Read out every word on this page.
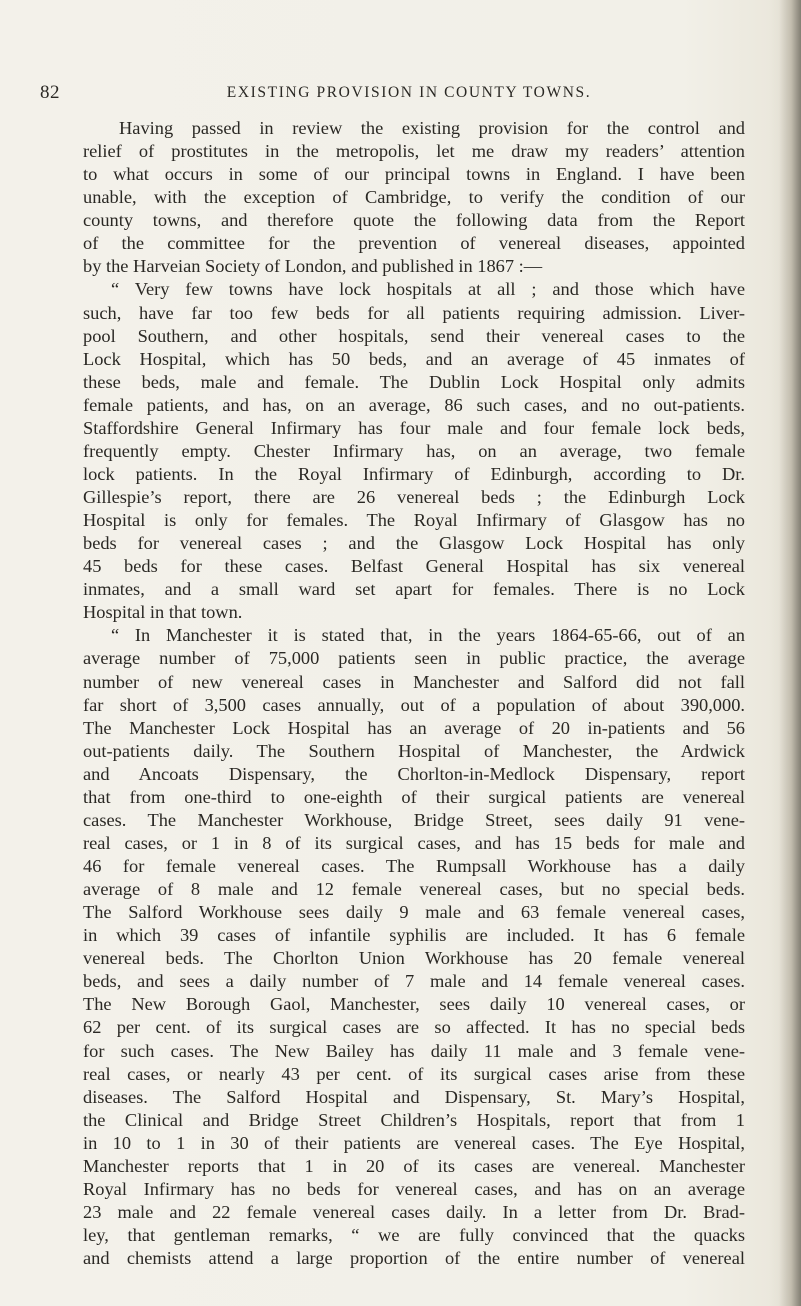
82	EXISTING PROVISION IN COUNTY TOWNS.
Having passed in review the existing provision for the control and
relief of prostitutes in the metropolis, let me draw my readers’ attention
to what occurs in some of our principal towns in England. I have been
unable, with the exception of Cambridge, to verify the condition of our
county towns, and therefore quote the following data from the Report
of the committee for the prevention of venereal diseases, appointed
by the Harveian Society of London, and published in 1867 :—
“ Very few towns have lock hospitals at all ; and those which have
such, have far too few beds for all patients requiring admission. Liver-
pool Southern, and other hospitals, send their venereal cases to the
Lock Hospital, which has 50 beds, and an average of 45 inmates of
these beds, male and female. The Dublin Lock Hospital only admits
female patients, and has, on an average, 86 such cases, and no out-patients.
Staffordshire General Infirmary has four male and four female lock beds,
frequently empty. Chester Infirmary has, on an average, two female
lock patients. In the Royal Infirmary of Edinburgh, according to Dr.
Gillespie’s report, there are 26 venereal beds ; the Edinburgh Lock
Hospital is only for females. The Royal Infirmary of Glasgow has no
beds for venereal cases ; and the Glasgow Lock Hospital has only
45 beds for these cases. Belfast General Hospital has six venereal
inmates, and a small ward set apart for females. There is no Lock
Hospital in that town.
“ In Manchester it is stated that, in the years 1864-65-66, out of an
average number of 75,000 patients seen in public practice, the average
number of new venereal cases in Manchester and Salford did not fall
far short of 3,500 cases annually, out of a population of about 390,000.
The Manchester Lock Hospital has an average of 20 in-patients and 56
out-patients daily. The Southern Hospital of Manchester, the Ardwick
and Ancoats Dispensary, the Chorlton-in-Medlock Dispensary, report
that from one-third to one-eighth of their surgical patients are venereal
cases. The Manchester Workhouse, Bridge Street, sees daily 91 vene-
real cases, or 1 in 8 of its surgical cases, and has 15 beds for male and
46 for female venereal cases. The Rumpsall Workhouse has a daily
average of 8 male and 12 female venereal cases, but no special beds.
The Salford Workhouse sees daily 9 male and 63 female venereal cases,
in which 39 cases of infantile syphilis are included. It has 6 female
venereal beds. The Chorlton Union Workhouse has 20 female venereal
beds, and sees a daily number of 7 male and 14 female venereal cases.
The New Borough Gaol, Manchester, sees daily 10 venereal cases, or
62 per cent. of its surgical cases are so affected. It has no special beds
for such cases. The New Bailey has daily 11 male and 3 female vene-
real cases, or nearly 43 per cent. of its surgical cases arise from these
diseases. The Salford Hospital and Dispensary, St. Mary’s Hospital,
the Clinical and Bridge Street Children’s Hospitals, report that from 1
in 10 to 1 in 30 of their patients are venereal cases. The Eye Hospital,
Manchester reports that 1 in 20 of its cases are venereal. Manchester
Royal Infirmary has no beds for venereal cases, and has on an average
23 male and 22 female venereal cases daily. In a letter from Dr. Brad-
ley, that gentleman remarks, “ we are fully convinced that the quacks
and chemists attend a large proportion of the entire number of venereal
